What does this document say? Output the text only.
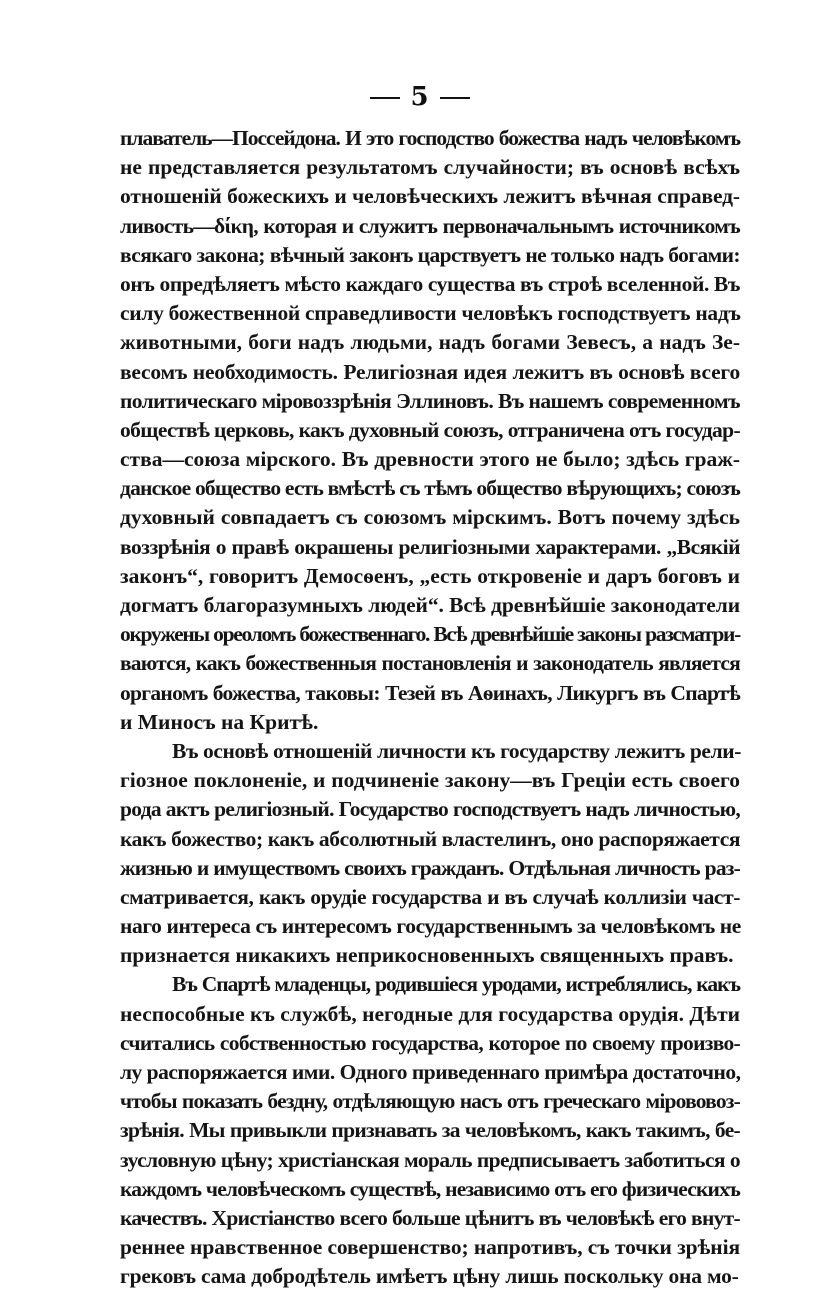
5
плаватель—Поссейдона. И это господство божества надъ человѣкомъ
не представляется результатомъ случайности; въ основѣ всѣхъ
отношеній божескихъ и человѣческихъ лежитъ вѣчная справед-
ливость—δίκη, которая и служитъ первоначальнымъ источникомъ
всякаго закона; вѣчный законъ царствуетъ не только надъ богами:
онъ опредѣляетъ мѣсто каждаго существа въ строѣ вселенной. Въ
силу божественной справедливости человѣкъ господствуетъ надъ
животными, боги надъ людьми, надъ богами Зевесъ, а надъ Зе-
весомъ необходимость. Религіозная идея лежитъ въ основѣ всего
политическаго міровоззрѣнія Эллиновъ. Въ нашемъ современномъ
обществѣ церковь, какъ духовный союзъ, отграничена отъ государ-
ства—союза мірского. Въ древности этого не было; здѣсь граж-
данское общество есть вмѣстѣ съ тѣмъ общество вѣрующихъ; союзъ
духовный совпадаетъ съ союзомъ мірскимъ. Вотъ почему здѣсь
воззрѣнія о правѣ окрашены религіозными характерами. „Всякій
законъ“, говоритъ Демосѳенъ, „есть откровеніе и даръ боговъ и
догматъ благоразумныхъ людей“. Всѣ древнѣйшіе законодатели
окружены ореоломъ божественнаго. Всѣ древнѣйшіе законы разсматри-
ваются, какъ божественныя постановленія и законодатель является
органомъ божества, таковы: Тезей въ Аѳинахъ, Ликургъ въ Спартѣ
и Миносъ на Критѣ.
Въ основѣ отношеній личности къ государству лежитъ рели-
гіозное поклоненіе, и подчиненіе закону—въ Греціи есть своего
рода актъ религіозный. Государство господствуетъ надъ личностью,
какъ божество; какъ абсолютный властелинъ, оно распоряжается
жизнью и имуществомъ своихъ гражданъ. Отдѣльная личность раз-
сматривается, какъ орудіе государства и въ случаѣ коллизіи част-
наго интереса съ интересомъ государственнымъ за человѣкомъ не
признается никакихъ неприкосновенныхъ священныхъ правъ.
Въ Спартѣ младенцы, родившіеся уродами, истреблялись, какъ
неспособные къ службѣ, негодные для государства орудія. Дѣти
считались собственностью государства, которое по своему произво-
лу распоряжается ими. Одного приведеннаго примѣра достаточно,
чтобы показать бездну, отдѣляющую насъ отъ греческаго мірововоз-
зрѣнія. Мы привыкли признавать за человѣкомъ, какъ такимъ, бе-
зусловную цѣну; христіанская мораль предписываетъ заботиться о
каждомъ человѣческомъ существѣ, независимо отъ его физическихъ
качествъ. Христіанство всего больше цѣнитъ въ человѣкѣ его внут-
реннее нравственное совершенство; напротивъ, съ точки зрѣнія
грековъ сама добродѣтель имѣетъ цѣну лишь поскольку она мо-
